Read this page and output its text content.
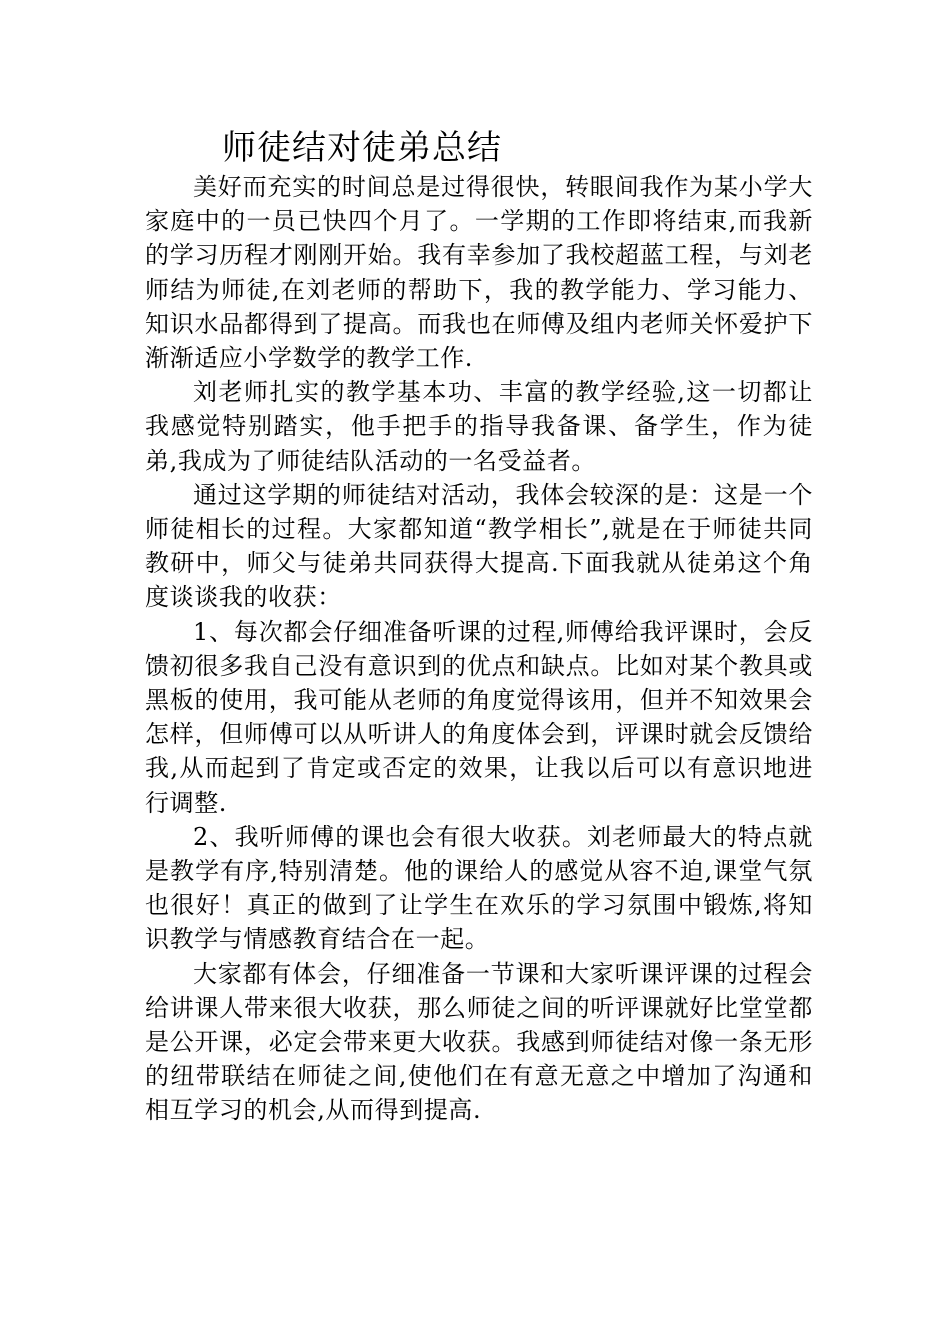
师徒结对徒弟总结

美好而充实的时间总是过得很快，转眼间我作为某小学大家庭中的一员已快四个月了。一学期的工作即将结束,而我新的学习历程才刚刚开始。我有幸参加了我校超蓝工程，与刘老师结为师徒,在刘老师的帮助下，我的教学能力、学习能力、知识水品都得到了提高。而我也在师傅及组内老师关怀爱护下渐渐适应小学数学的教学工作.

刘老师扎实的教学基本功、丰富的教学经验,这一切都让我感觉特别踏实，他手把手的指导我备课、备学生，作为徒弟,我成为了师徒结队活动的一名受益者。

通过这学期的师徒结对活动，我体会较深的是：这是一个师徒相长的过程。大家都知道“教学相长”,就是在于师徒共同教研中，师父与徒弟共同获得大提高.下面我就从徒弟这个角度谈谈我的收获：

1、每次都会仔细准备听课的过程,师傅给我评课时，会反馈初很多我自己没有意识到的优点和缺点。比如对某个教具或黑板的使用，我可能从老师的角度觉得该用，但并不知效果会怎样，但师傅可以从听讲人的角度体会到，评课时就会反馈给我,从而起到了肯定或否定的效果，让我以后可以有意识地进行调整.

2、我听师傅的课也会有很大收获。刘老师最大的特点就是教学有序,特别清楚。他的课给人的感觉从容不迫,课堂气氛也很好！真正的做到了让学生在欢乐的学习氛围中锻炼,将知识教学与情感教育结合在一起。

大家都有体会，仔细准备一节课和大家听课评课的过程会给讲课人带来很大收获，那么师徒之间的听评课就好比堂堂都是公开课，必定会带来更大收获。我感到师徒结对像一条无形的纽带联结在师徒之间,使他们在有意无意之中增加了沟通和相互学习的机会,从而得到提高.
